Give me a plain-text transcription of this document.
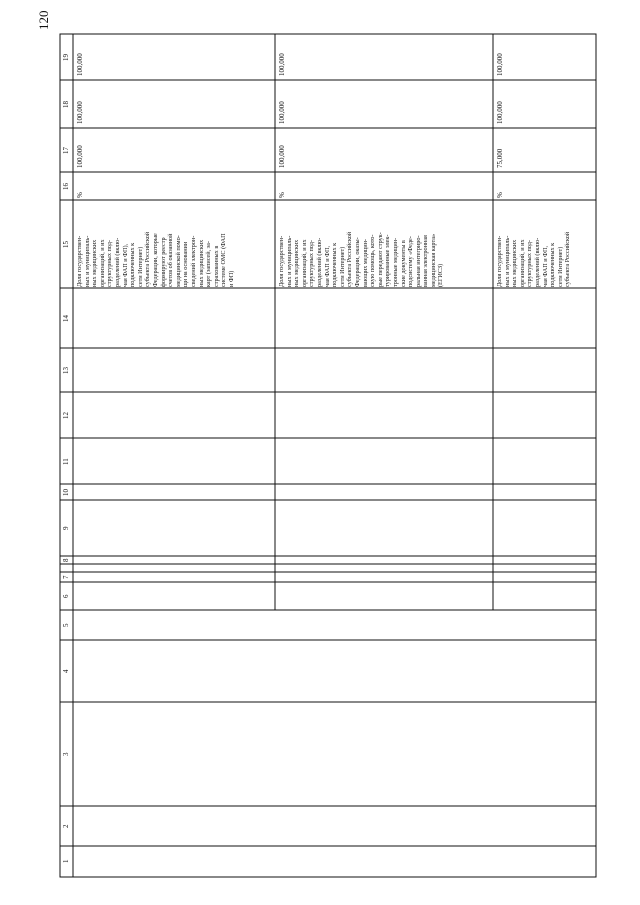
120
1
2
3
4
5
6
7
8
9
10
11
12
13
14
15
16
17
18
19
Доля государствен-
ных и муниципаль-
ных медицинских
организаций, и их
структурных под-
разделений (вклю-
чая ФАП и ФП),
подключенных к
сети Интернет)
субъекта Российской
Федерации, которые
формируют реестр
счетов об оказанной
медицинской помо-
щи на основании
сведений электрон-
ных медицинских
карт (записей, за-
страхованных в
системе ОМС (ФАП
и ФП)
%
100,000
100,000
100,000
Доля государствен-
ных и муниципаль-
ных медицинских
организаций, и их
структурных под-
разделений (вклю-
чая ФАП и ФП,
подключенных к
сети Интернет)
субъекта Российской
Федерации, оказы-
вающих медицин-
скую помощь, кото-
рые передают струк-
турированные элек-
тронные медицин-
ские документы в
подсистему «Феде-
ральная интегриро-
ванная электронная
медицинская карта»
(ЕГИСЗ)
%
100,000
100,000
100,000
Доля государствен-
ных и муниципаль-
ных медицинских
организаций, и их
структурных под-
разделений (вклю-
чая ФАП и ФП,
подключенных к
сети Интернет)
субъекта Российской
%
75,000
100,000
100,000
